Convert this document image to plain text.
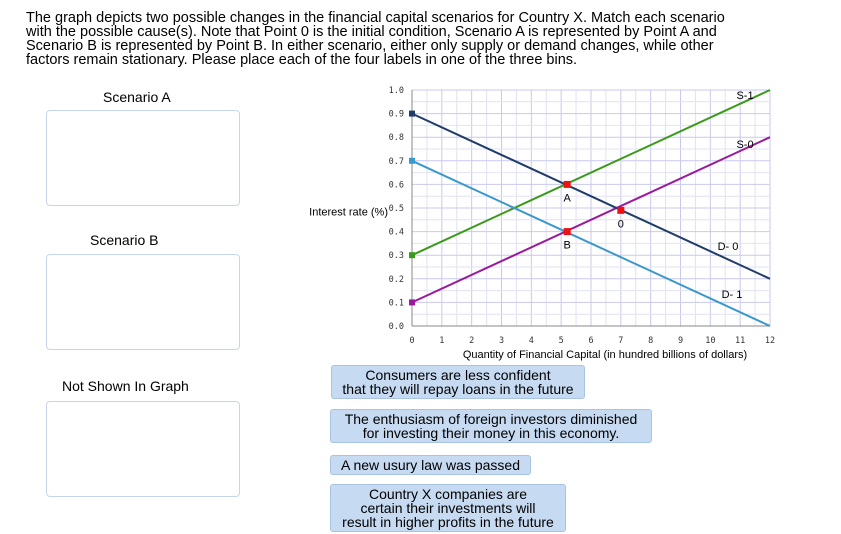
The graph depicts two possible changes in the financial capital scenarios for Country X. Match each scenario
with the possible cause(s). Note that Point 0 is the initial condition, Scenario A is represented by Point A and
Scenario B is represented by Point B. In either scenario, either only supply or demand changes, while other
factors remain stationary. Please place each of the four labels in one of the three bins.
Scenario A
Scenario B
Not Shown In Graph
0.0
0.1
0.2
0.3
0.4
0.5
0.6
0.7
0.8
0.9
1.0
0	1	2	3	4	5	6	7	8	9	10 11 12
Interest rate (%)
Quantity of Financial Capital (in hundred billions of dollars)
S-1
S-0
D- 0
D- 1
A
0
B
Consumers are less confident
that they will repay loans in the future
The enthusiasm of foreign investors diminished
for investing their money in this economy.
A new usury law was passed
Country X companies are
certain their investments will
result in higher profits in the future
